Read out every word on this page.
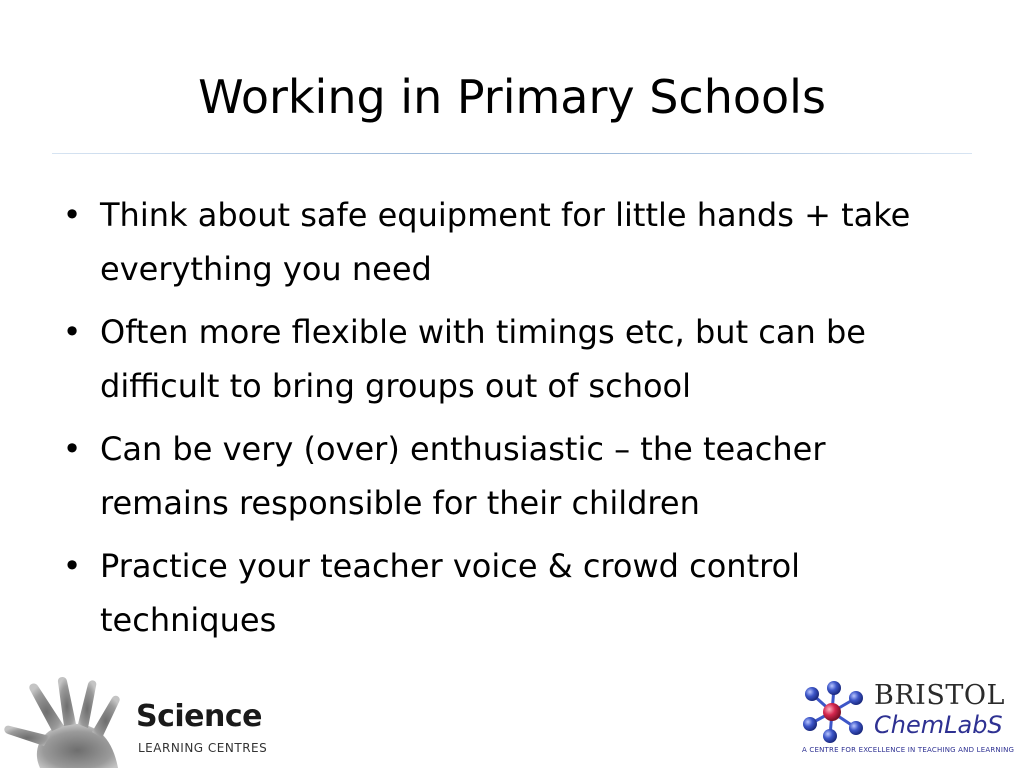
Working in Primary Schools
• Think about safe equipment for little hands + take everything you need
• Often more flexible with timings etc, but can be difficult to bring groups out of school
• Can be very (over) enthusiastic – the teacher remains responsible for their children
• Practice your teacher voice & crowd control techniques
Science
LEARNING CENTRES
BRISTOL
ChemLabS
A CENTRE FOR EXCELLENCE IN TEACHING AND LEARNING
